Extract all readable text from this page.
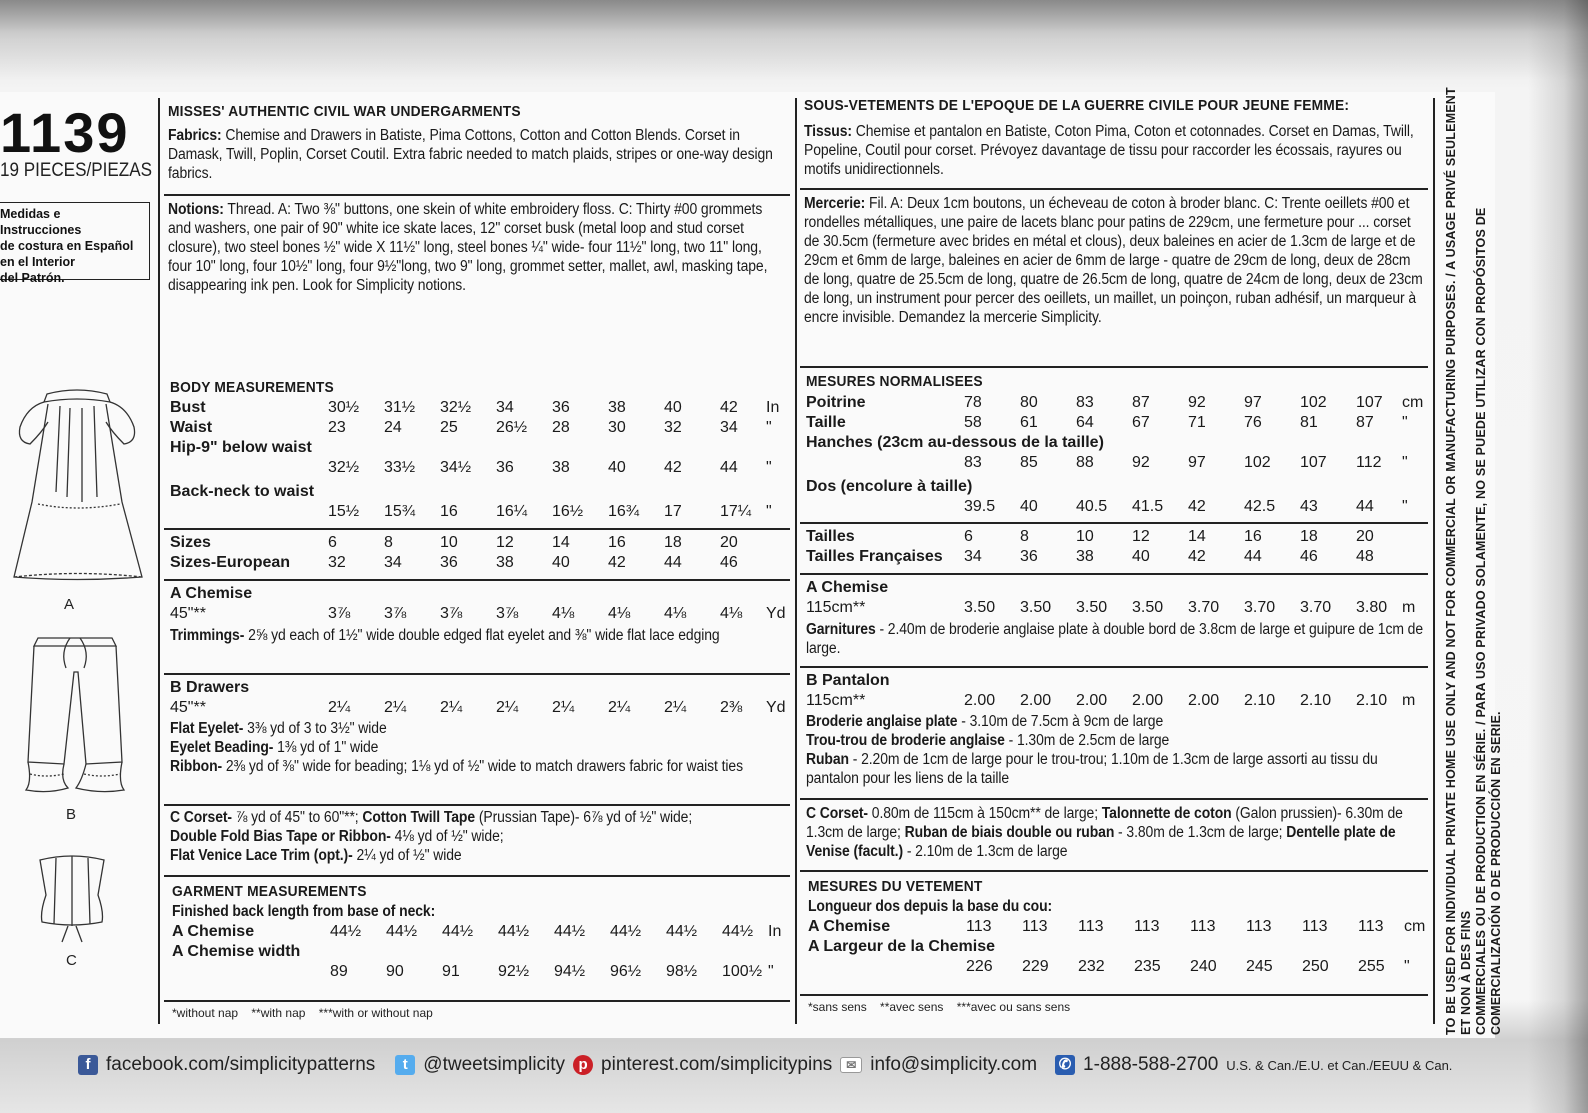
1139
19 PIECES/PIEZAS
Medidas e Instrucciones
de costura en Español
en el Interior
del Patrón.
A
B
C
MISSES' AUTHENTIC CIVIL WAR UNDERGARMENTS
Fabrics: Chemise and Drawers in Batiste, Pima Cottons, Cotton and Cotton Blends. Corset in Damask, Twill, Poplin, Corset Coutil. Extra fabric needed to match plaids, stripes or one-way design fabrics.
Notions: Thread. A: Two ⅜" buttons, one skein of white embroidery floss. C: Thirty #00 grommets and washers, one pair of 90" white ice skate laces, 12" corset busk (metal loop and stud corset closure), two steel bones ½" wide X 11½" long, steel bones ¼" wide- four 11½" long, two 11" long, four 10" long, four 10½" long, four 9½"long, two 9" long, grommet setter, mallet, awl, masking tape, disappearing ink pen. Look for Simplicity notions.
BODY MEASUREMENTS
Bust	30½	31½	32½	34	36	38	40	42	In
Waist	23	24	25	26½	28	30	32	34	"
Hip-9" below waist									
	32½	33½	34½	36	38	40	42	44	"
Back-neck to waist									
	15½	15¾	16	16¼	16½	16¾	17	17¼	"
Sizes	6	8	10	12	14	16	18	20	
Sizes-European	32	34	36	38	40	42	44	46	
A Chemise
45"**	3⅞	3⅞	3⅞	3⅞	4⅛	4⅛	4⅛	4⅛	Yd
Trimmings- 2⅝ yd each of 1½" wide double edged flat eyelet and ⅜" wide flat lace edging
B Drawers
45"**	2¼	2¼	2¼	2¼	2¼	2¼	2¼	2⅜	Yd
Flat Eyelet- 3⅜ yd of 3 to 3½" wide
Eyelet Beading- 1⅜ yd of 1" wide
Ribbon- 2⅜ yd of ⅜" wide for beading; 1⅛ yd of ½" wide to match drawers fabric for waist ties
C Corset- ⅞ yd of 45" to 60"**; Cotton Twill Tape (Prussian Tape)- 6⅞ yd of ½" wide;
Double Fold Bias Tape or Ribbon- 4⅛ yd of ½" wide;
Flat Venice Lace Trim (opt.)- 2¼ yd of ½" wide
GARMENT MEASUREMENTS
Finished back length from base of neck:
A Chemise	44½	44½	44½	44½	44½	44½	44½	44½	In
A Chemise width									
	89	90	91	92½	94½	96½	98½	100½	"
*without nap    **with nap    ***with or without nap
SOUS-VETEMENTS DE L'EPOQUE DE LA GUERRE CIVILE POUR JEUNE FEMME:
Tissus: Chemise et pantalon en Batiste, Coton Pima, Coton et cotonnades. Corset en Damas, Twill, Popeline, Coutil pour corset. Prévoyez davantage de tissu pour raccorder les écossais, rayures ou motifs unidirectionnels.
Mercerie: Fil. A: Deux 1cm boutons, un écheveau de coton à broder blanc. C: Trente oeillets #00 et rondelles métalliques, une paire de lacets blanc pour patins de 229cm, une fermeture pour ... corset de 30.5cm (fermeture avec brides en métal et clous), deux baleines en acier de 1.3cm de large et de 29cm et 6mm de large, baleines en acier de 6mm de large - quatre de 29cm de long, deux de 28cm de long, quatre de 25.5cm de long, quatre de 26.5cm de long, quatre de 24cm de long, deux de 23cm de long, un instrument pour percer des oeillets, un maillet, un poinçon, ruban adhésif, un marqueur à encre invisible. Demandez la mercerie Simplicity.
MESURES NORMALISEES
Poitrine	78	80	83	87	92	97	102	107	cm
Taille	58	61	64	67	71	76	81	87	"
Hanches (23cm au-dessous de la taille)									
	83	85	88	92	97	102	107	112	"
Dos (encolure à taille)									
	39.5	40	40.5	41.5	42	42.5	43	44	"
Tailles	6	8	10	12	14	16	18	20	
Tailles Françaises	34	36	38	40	42	44	46	48	
A Chemise
115cm**	3.50	3.50	3.50	3.50	3.70	3.70	3.70	3.80	m
Garnitures - 2.40m de broderie anglaise plate à double bord de 3.8cm de large et guipure de 1cm de large.
B Pantalon
115cm**	2.00	2.00	2.00	2.00	2.00	2.10	2.10	2.10	m
Broderie anglaise plate - 3.10m de 7.5cm à 9cm de large
Trou-trou de broderie anglaise - 1.30m de 2.5cm de large
Ruban - 2.20m de 1cm de large pour le trou-trou; 1.10m de 1.3cm de large assorti au tissu du pantalon pour les liens de la taille
C Corset- 0.80m de 115cm à 150cm** de large; Talonnette de coton (Galon prussien)- 6.30m de 1.3cm de large; Ruban de biais double ou ruban - 3.80m de 1.3cm de large; Dentelle plate de Venise (facult.) - 2.10m de 1.3cm de large
MESURES DU VETEMENT
Longueur dos depuis la base du cou:
A Chemise	113	113	113	113	113	113	113	113	cm
A Largeur de la Chemise									
	226	229	232	235	240	245	250	255	"
*sans sens    **avec sens    ***avec ou sans sens	TO BE USED FOR INDIVIDUAL PRIVATE HOME USE ONLY AND NOT FOR COMMERCIAL OR MANUFACTURING PURPOSES. / A USAGE PRIVÉ SEULEMENT ET NON À DES FINS COMMERCIALES OU DE PRODUCTION EN SÉRIE. / PARA USO PRIVADO SOLAMENTE, NO SE PUEDE UTILIZAR CON PROPÓSITOS DE COMERCIALIZACIÓN O DE PRODUCCIÓN EN SERIE.
f facebook.com/simplicitypatterns	t @tweetsimplicity p pinterest.com/simplicitypins	✉ info@simplicity.com ✆ 1-888-588-2700 U.S. & Can./E.U. et Can./EEUU & Can.
